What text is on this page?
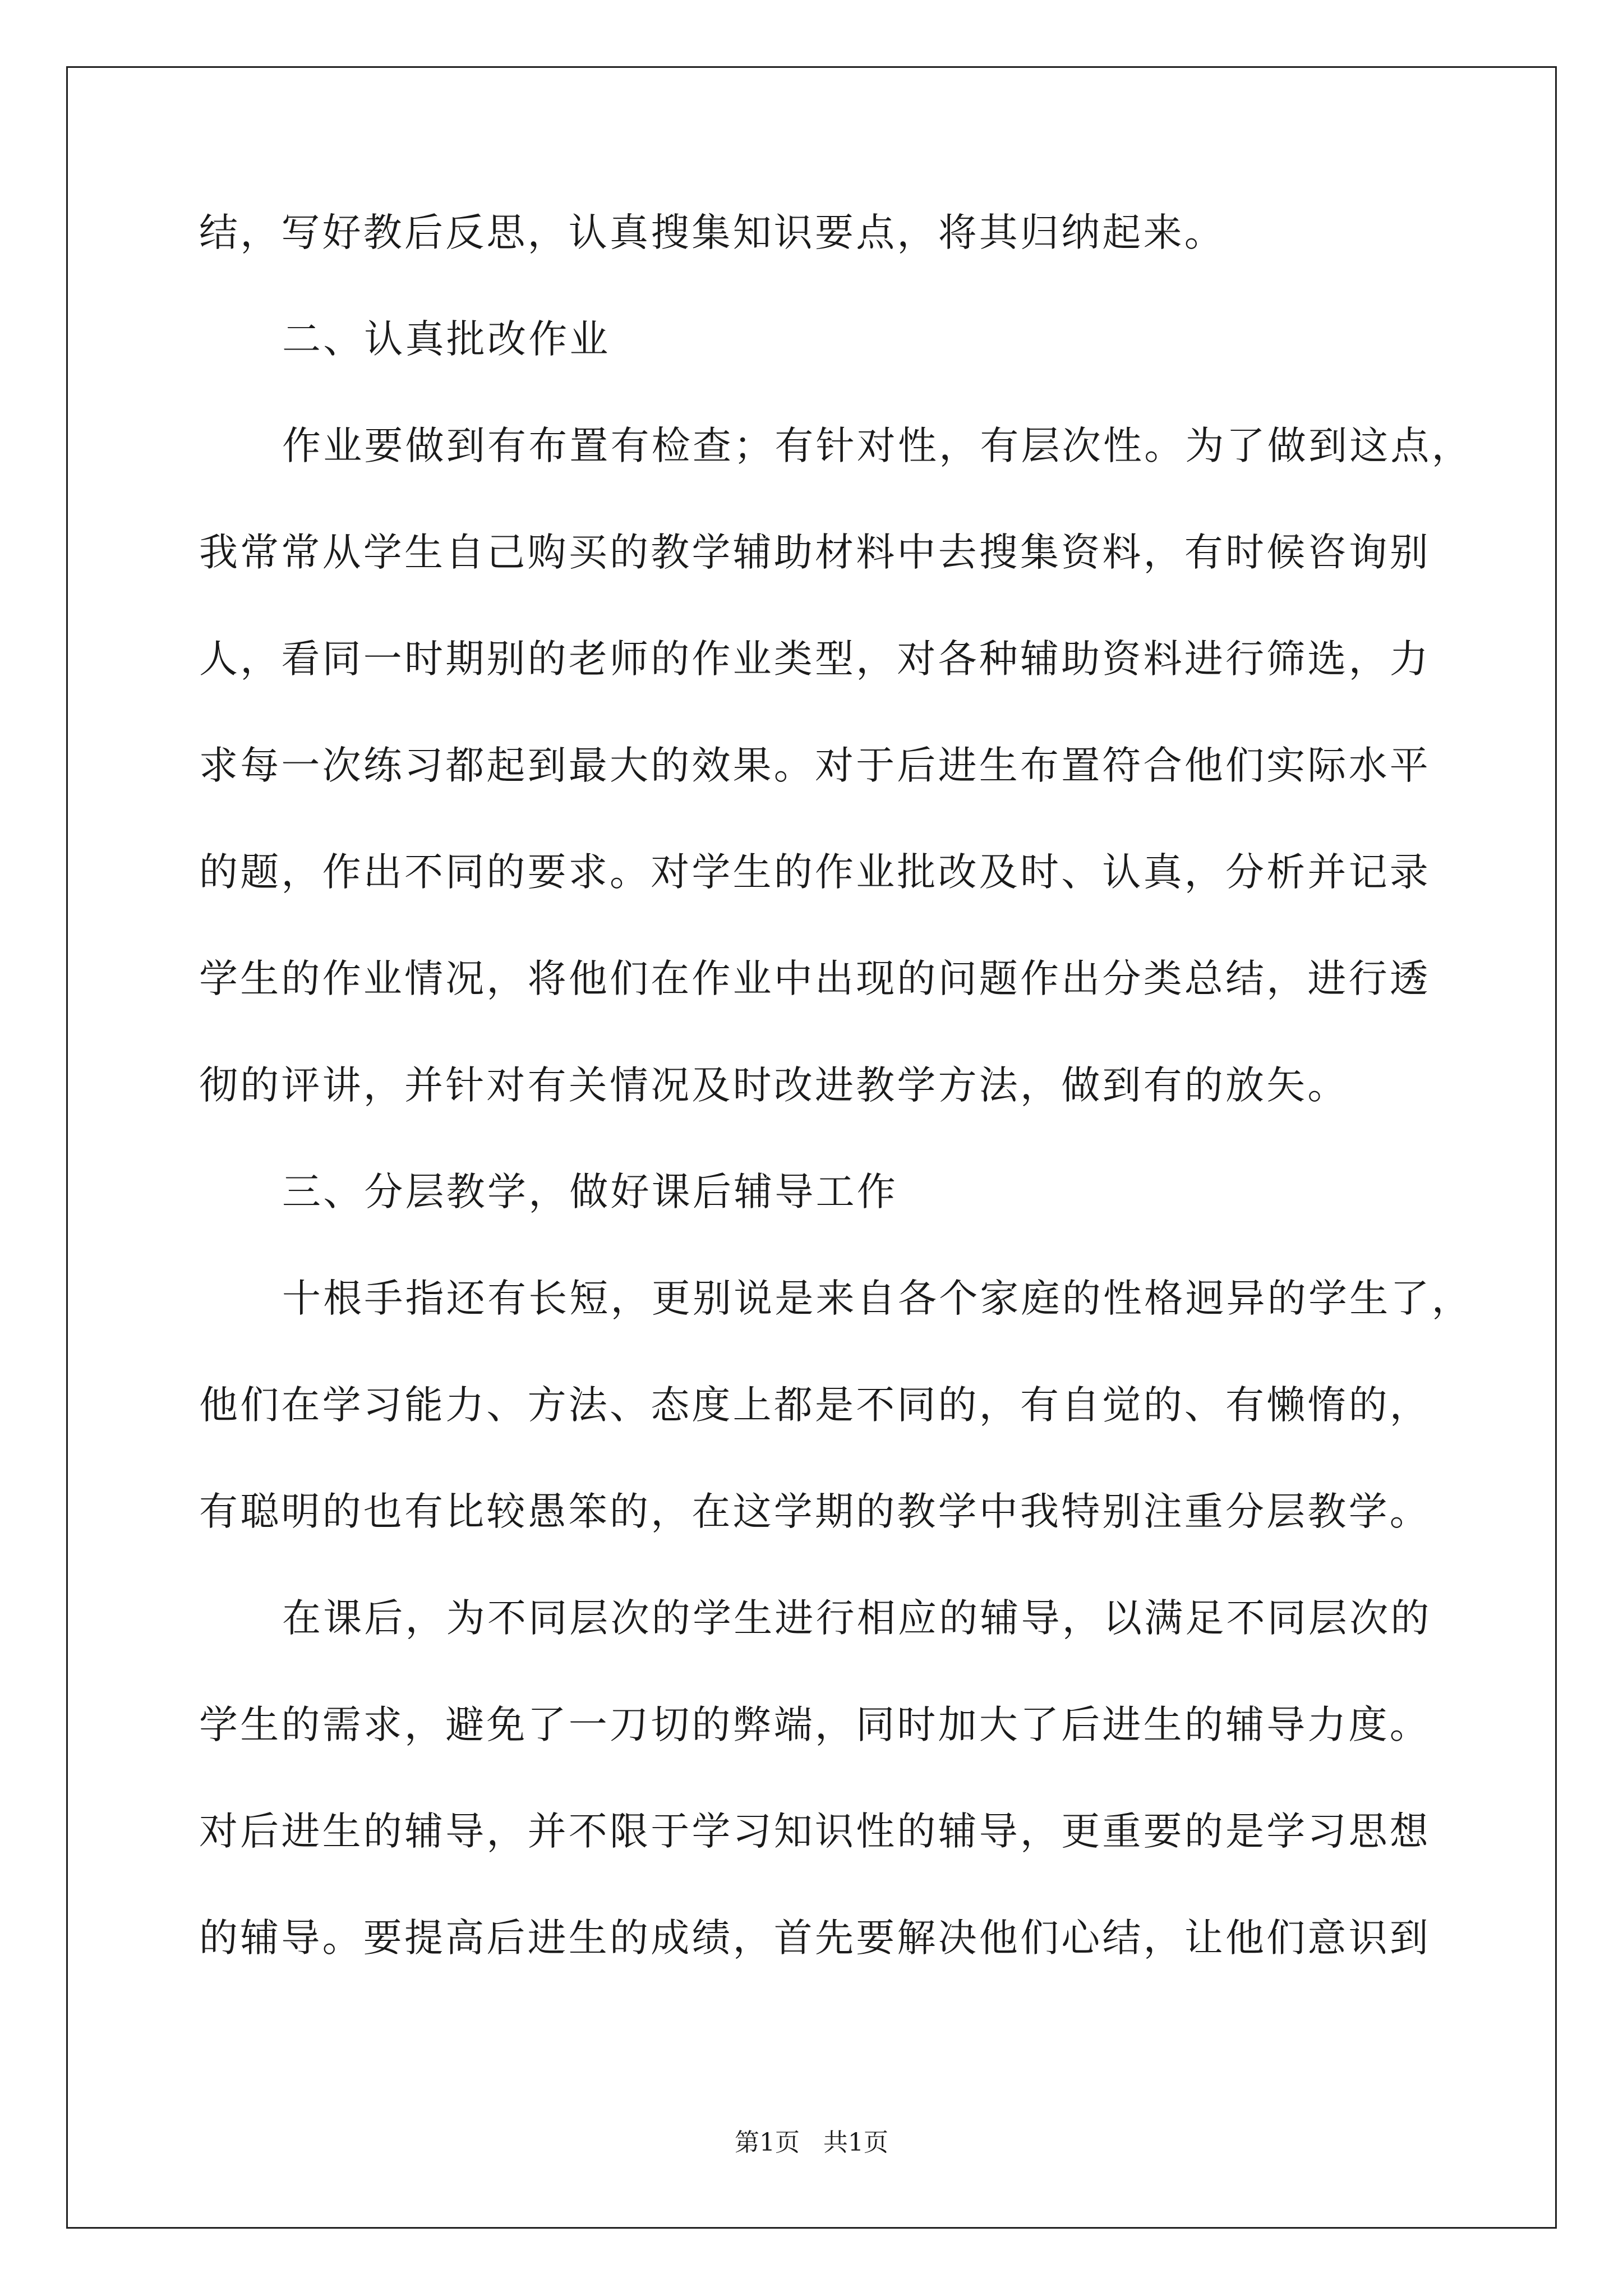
结，写好教后反思，认真搜集知识要点，将其归纳起来。
二、认真批改作业
作业要做到有布置有检查；有针对性，有层次性。为了做到这点，
我常常从学生自己购买的教学辅助材料中去搜集资料，有时候咨询别
人，看同一时期别的老师的作业类型，对各种辅助资料进行筛选，力
求每一次练习都起到最大的效果。对于后进生布置符合他们实际水平
的题，作出不同的要求。对学生的作业批改及时、认真，分析并记录
学生的作业情况，将他们在作业中出现的问题作出分类总结，进行透
彻的评讲，并针对有关情况及时改进教学方法，做到有的放矢。
三、分层教学，做好课后辅导工作
十根手指还有长短，更别说是来自各个家庭的性格迥异的学生了，
他们在学习能力、方法、态度上都是不同的，有自觉的、有懒惰的，
有聪明的也有比较愚笨的，在这学期的教学中我特别注重分层教学。
在课后，为不同层次的学生进行相应的辅导，以满足不同层次的
学生的需求，避免了一刀切的弊端，同时加大了后进生的辅导力度。
对后进生的辅导，并不限于学习知识性的辅导，更重要的是学习思想
的辅导。要提高后进生的成绩，首先要解决他们心结，让他们意识到
第1页   共1页
